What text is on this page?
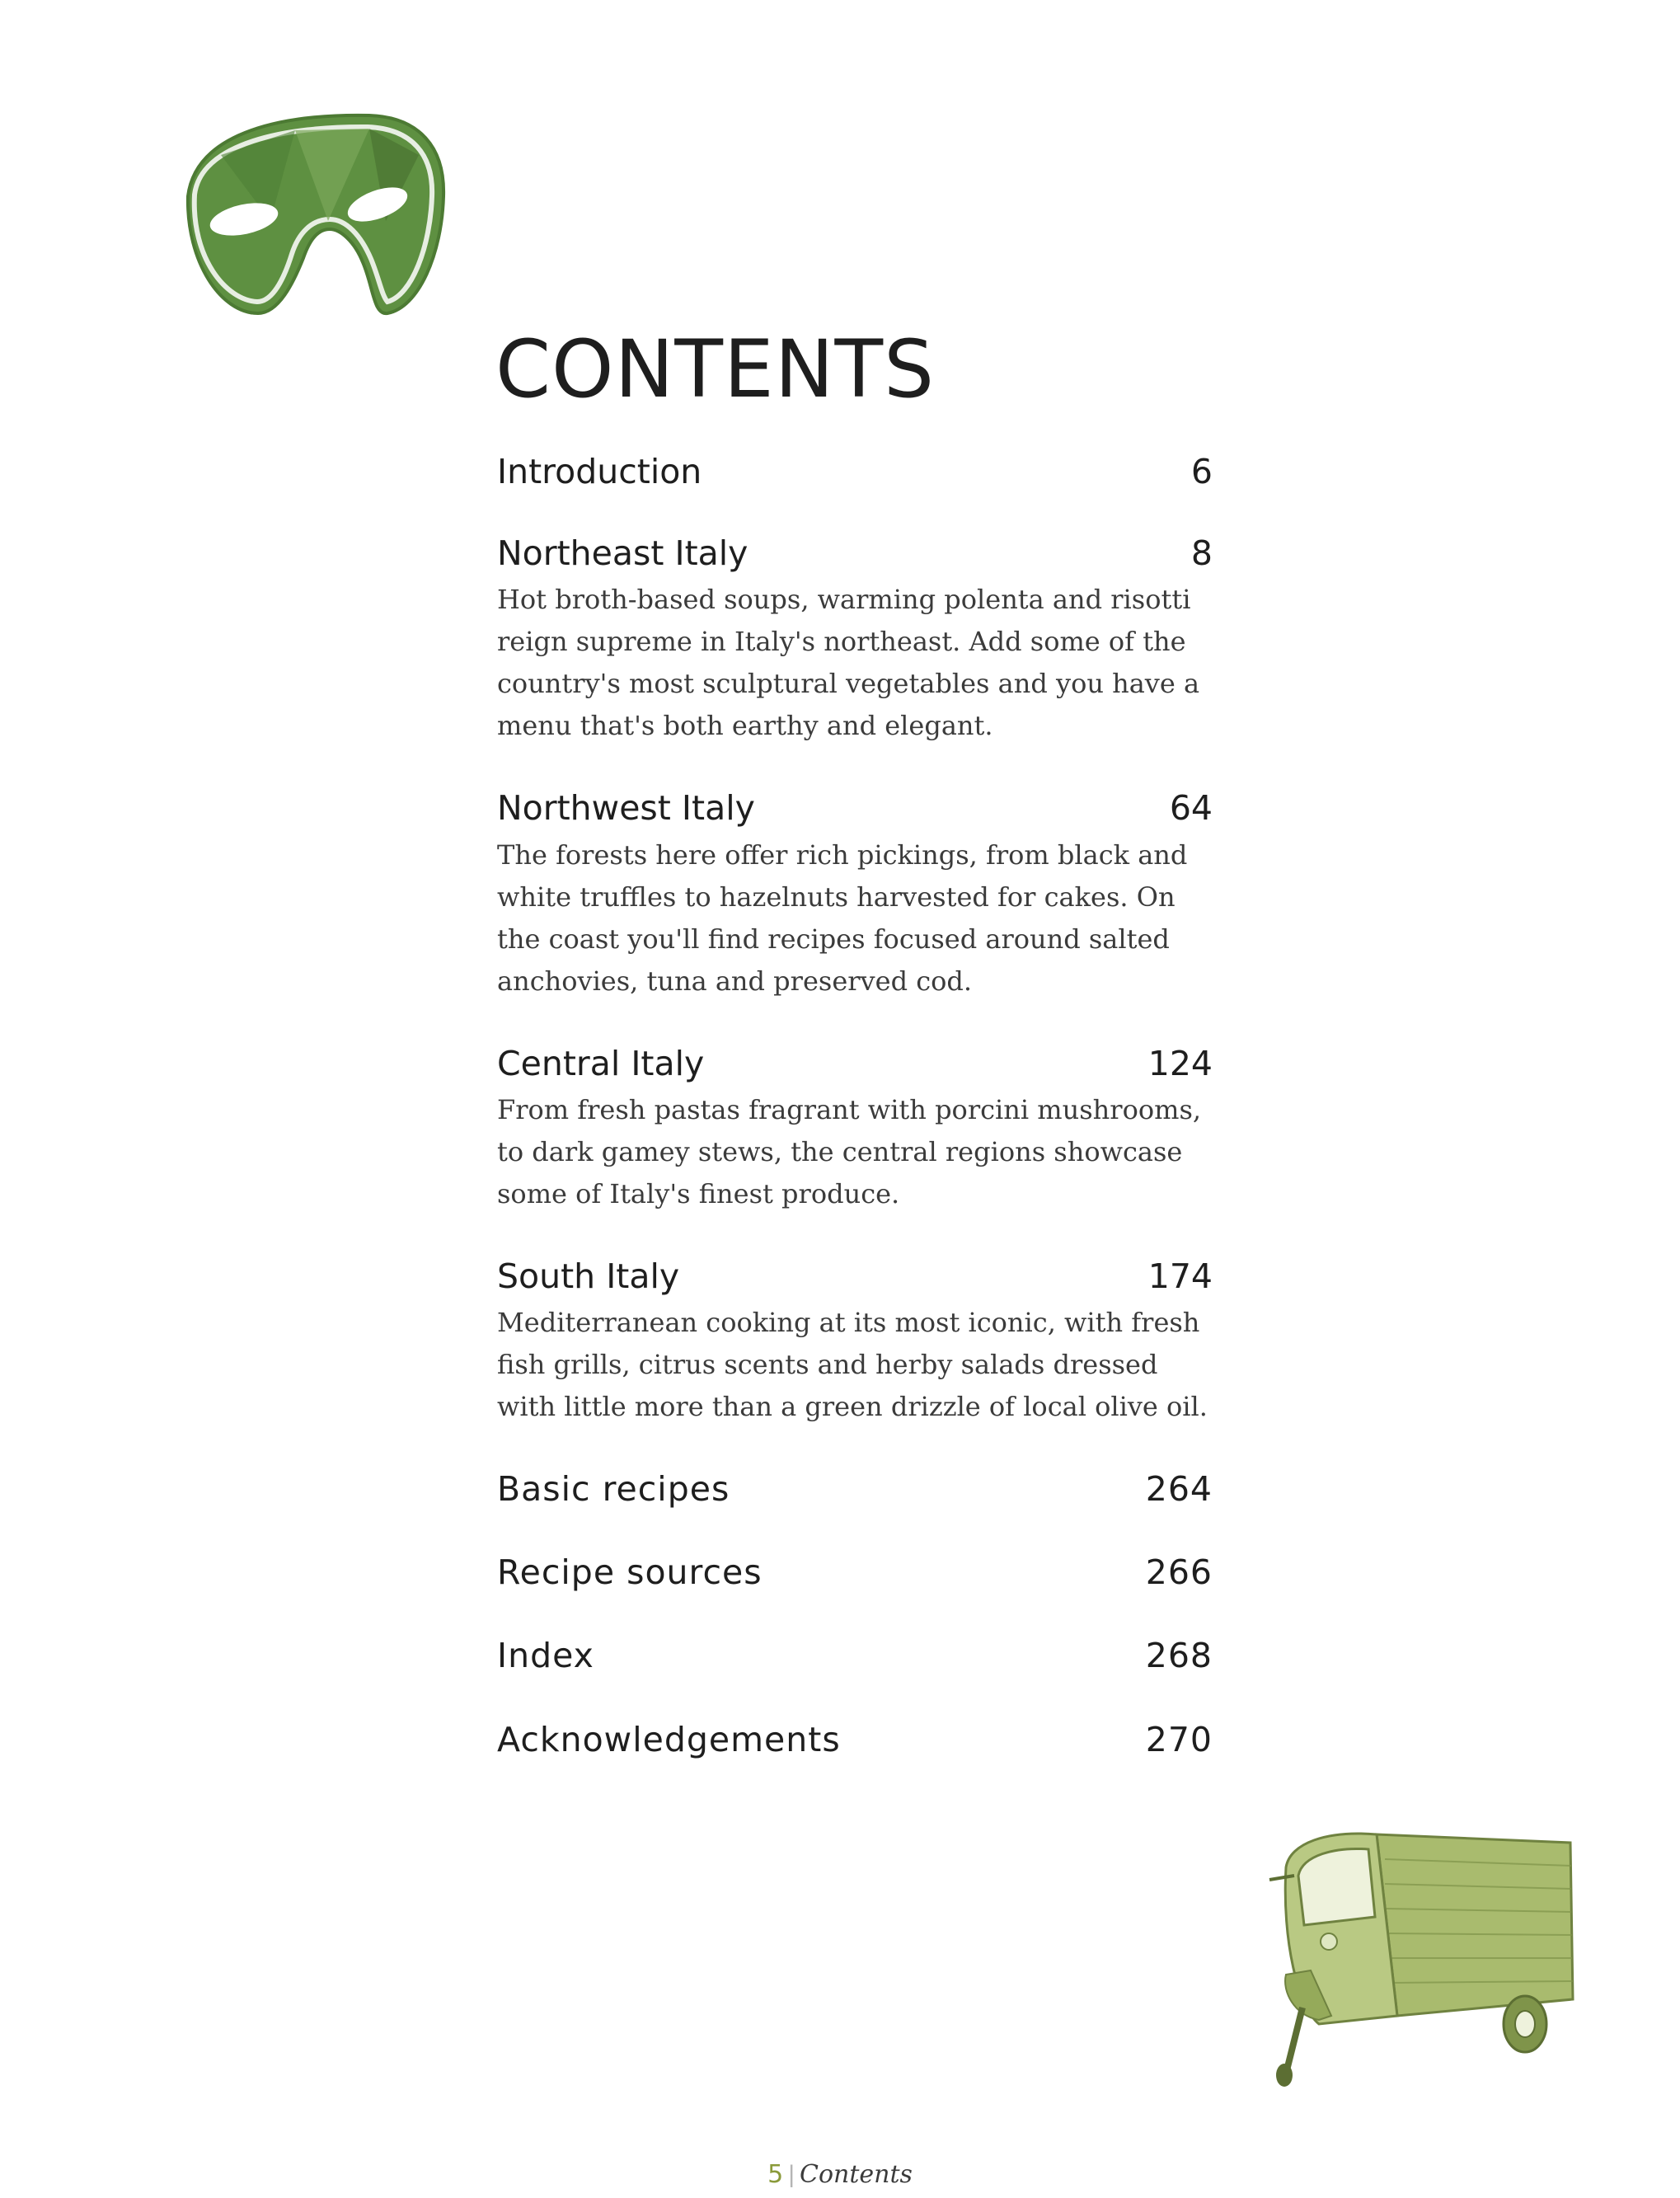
CONTENTS
Introduction	6
Northeast Italy	8
Hot broth-based soups, warming polenta and risotti reign supreme in Italy's northeast. Add some of the country's most sculptural vegetables and you have a menu that's both earthy and elegant.
Northwest Italy	64
The forests here offer rich pickings, from black and white truffles to hazelnuts harvested for cakes. On the coast you'll find recipes focused around salted anchovies, tuna and preserved cod.
Central Italy	124
From fresh pastas fragrant with porcini mushrooms, to dark gamey stews, the central regions showcase some of Italy's finest produce.
South Italy	174
Mediterranean cooking at its most iconic, with fresh fish grills, citrus scents and herby salads dressed with little more than a green drizzle of local olive oil.
Basic recipes	264
Recipe sources	266
Index	268
Acknowledgements	270
5 | Contents
